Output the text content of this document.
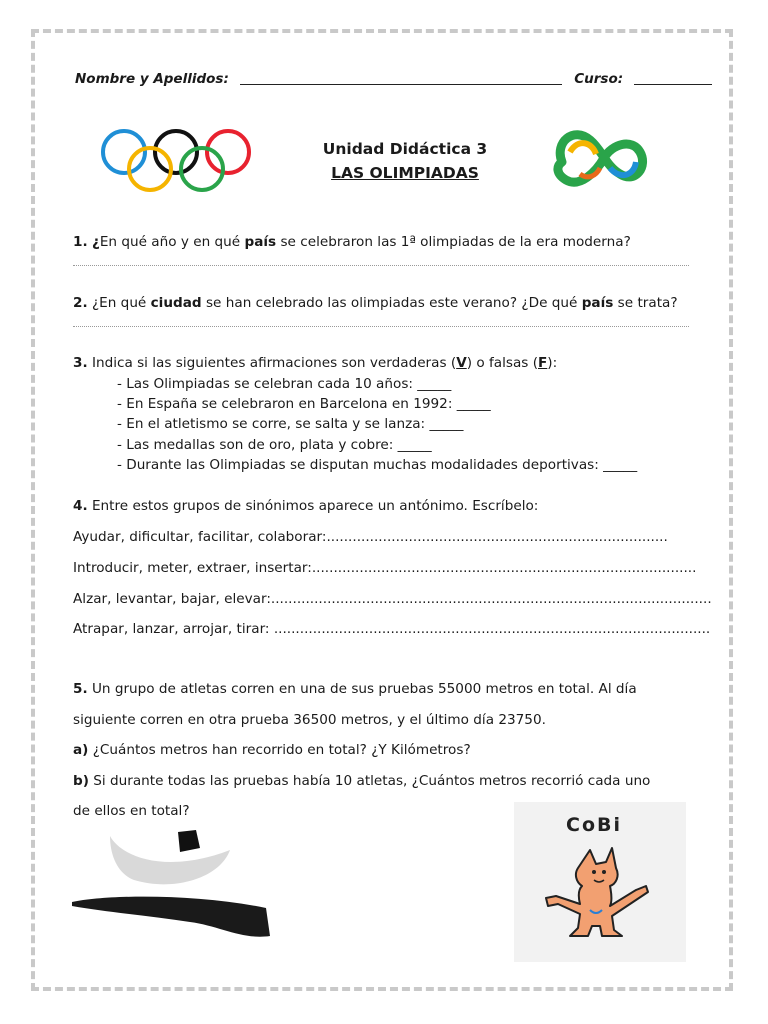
Nombre y Apellidos:	Curso:
Unidad Didáctica 3
LAS OLIMPIADAS
1. ¿En qué año y en qué país se celebraron las 1ª olimpiadas de la era moderna?
2. ¿En qué ciudad se han celebrado las olimpiadas este verano? ¿De qué país se trata?
3. Indica si las siguientes afirmaciones son verdaderas (V) o falsas (F):
- Las Olimpiadas se celebran cada 10 años: _____
- En España se celebraron en Barcelona en 1992: _____
- En el atletismo se corre, se salta y se lanza: _____
- Las medallas son de oro, plata y cobre: _____
- Durante las Olimpiadas se disputan muchas modalidades deportivas: _____
4. Entre estos grupos de sinónimos aparece un antónimo. Escríbelo:
Ayudar, dificultar, facilitar, colaborar:...............................................................................
Introducir, meter, extraer, insertar:.........................................................................................
Alzar, levantar, bajar, elevar:......................................................................................................
Atrapar, lanzar, arrojar, tirar: .....................................................................................................
5. Un grupo de atletas corren en una de sus pruebas 55000 metros en total. Al día
siguiente corren en otra prueba 36500 metros, y el último día 23750.
a) ¿Cuántos metros han recorrido en total? ¿Y Kilómetros?
b) Si durante todas las pruebas había 10 atletas, ¿Cuántos metros recorrió cada uno
de ellos en total?
CoBi
